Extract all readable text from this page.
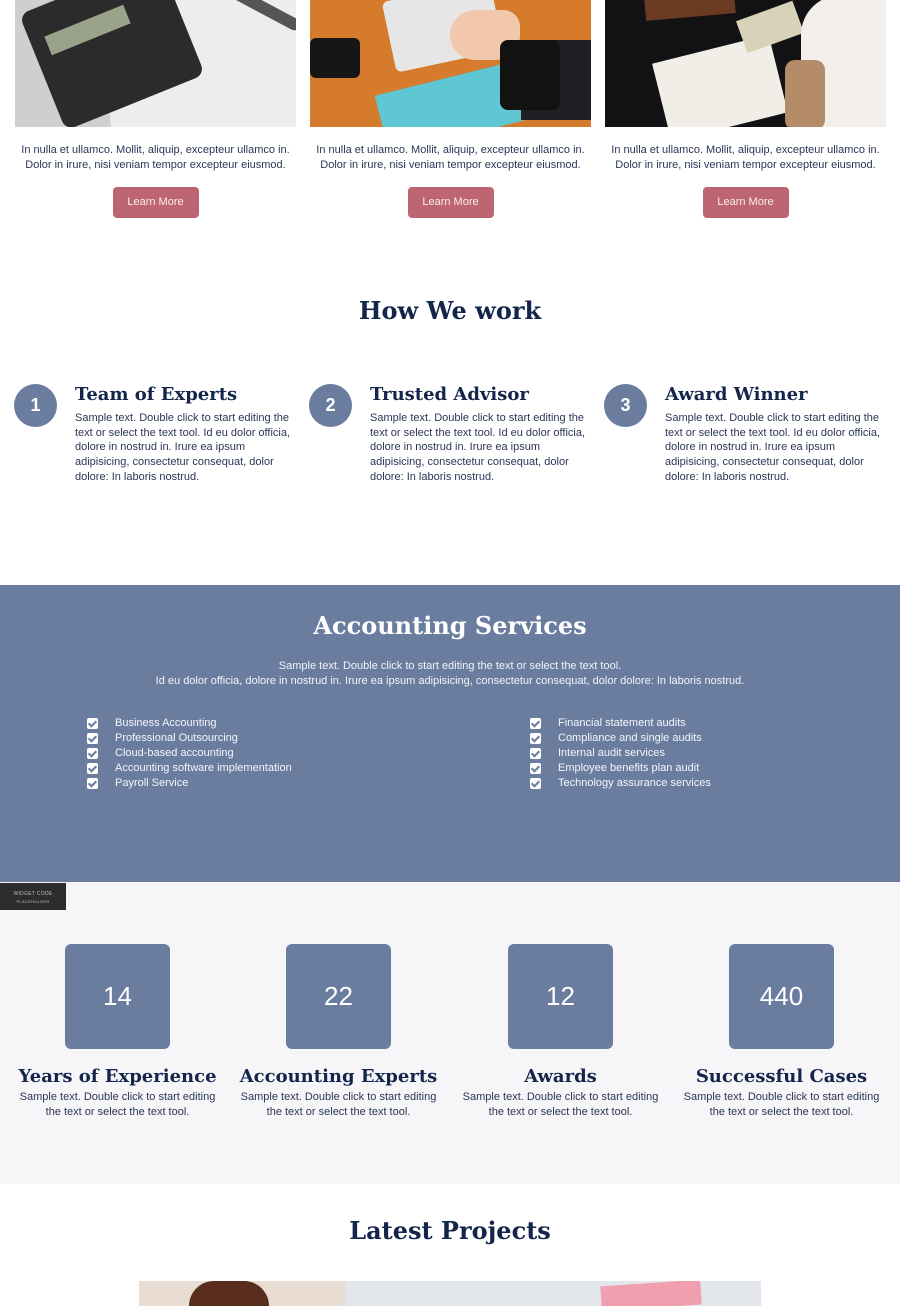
In nulla et ullamco. Mollit, aliquip, excepteur ullamco in. Dolor in irure, nisi veniam tempor excepteur eiusmod.

Learn More

In nulla et ullamco. Mollit, aliquip, excepteur ullamco in. Dolor in irure, nisi veniam tempor excepteur eiusmod.

Learn More

In nulla et ullamco. Mollit, aliquip, excepteur ullamco in. Dolor in irure, nisi veniam tempor excepteur eiusmod.

Learn More
How We work
1	Team of Experts

Sample text. Double click to start editing the text or select the text tool. Id eu dolor officia, dolore in nostrud in. Irure ea ipsum adipisicing, consectetur consequat, dolor dolore: In laboris nostrud.

2	Trusted Advisor

Sample text. Double click to start editing the text or select the text tool. Id eu dolor officia, dolore in nostrud in. Irure ea ipsum adipisicing, consectetur consequat, dolor dolore: In laboris nostrud.

3	Award Winner

Sample text. Double click to start editing the text or select the text tool. Id eu dolor officia, dolore in nostrud in. Irure ea ipsum adipisicing, consectetur consequat, dolor dolore: In laboris nostrud.

Accounting Services
Sample text. Double click to start editing the text or select the text tool.
Id eu dolor officia, dolore in nostrud in. Irure ea ipsum adipisicing, consectetur consequat, dolor dolore: In laboris nostrud.
Business Accounting
Professional Outsourcing
Cloud-based accounting
Accounting software implementation
Payroll Service
Financial statement audits
Compliance and single audits
Internal audit services
Employee benefits plan audit
Technology assurance services
WIDGET CODE
PLACEHOLDER
14
Years of Experience

Sample text. Double click to start editing the text or select the text tool.

22
Accounting Experts

Sample text. Double click to start editing the text or select the text tool.

12
Awards

Sample text. Double click to start editing the text or select the text tool.

440
Successful Cases

Sample text. Double click to start editing the text or select the text tool.

Latest Projects
